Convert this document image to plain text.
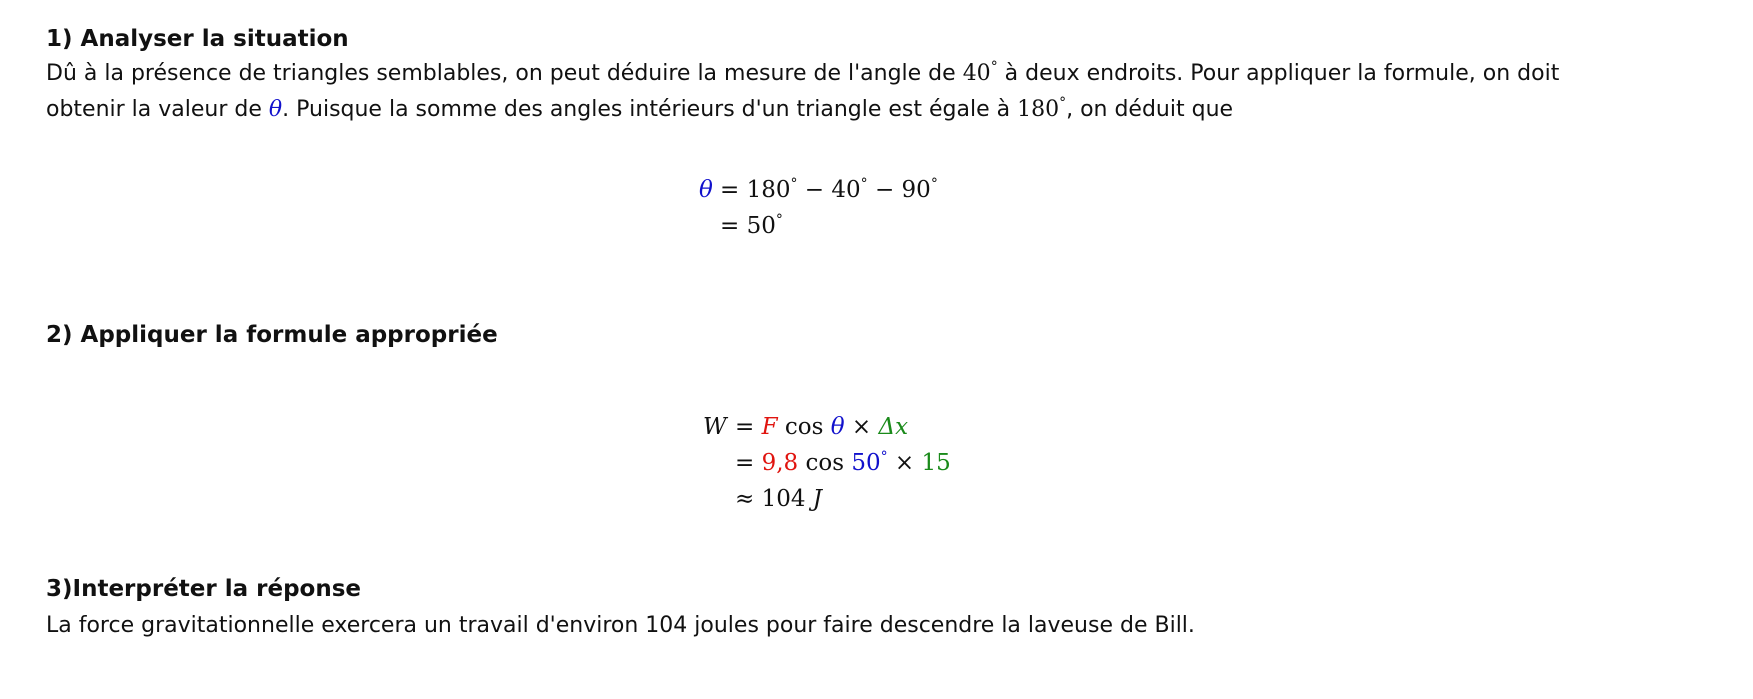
1) Analyser la situation

Dû à la présence de triangles semblables, on peut déduire la mesure de l'angle de 40° à deux endroits. Pour appliquer la formule, on doit
obtenir la valeur de θ. Puisque la somme des angles intérieurs d'un triangle est égale à 180°, on déduit que

θ = 180° − 40° − 90°
= 50°

2) Appliquer la formule appropriée

W = F cos θ × Δx
= 9,8 cos 50° × 15
≈ 104 J

3)Interpréter la réponse

La force gravitationnelle exercera un travail d'environ 104 joules pour faire descendre la laveuse de Bill.
